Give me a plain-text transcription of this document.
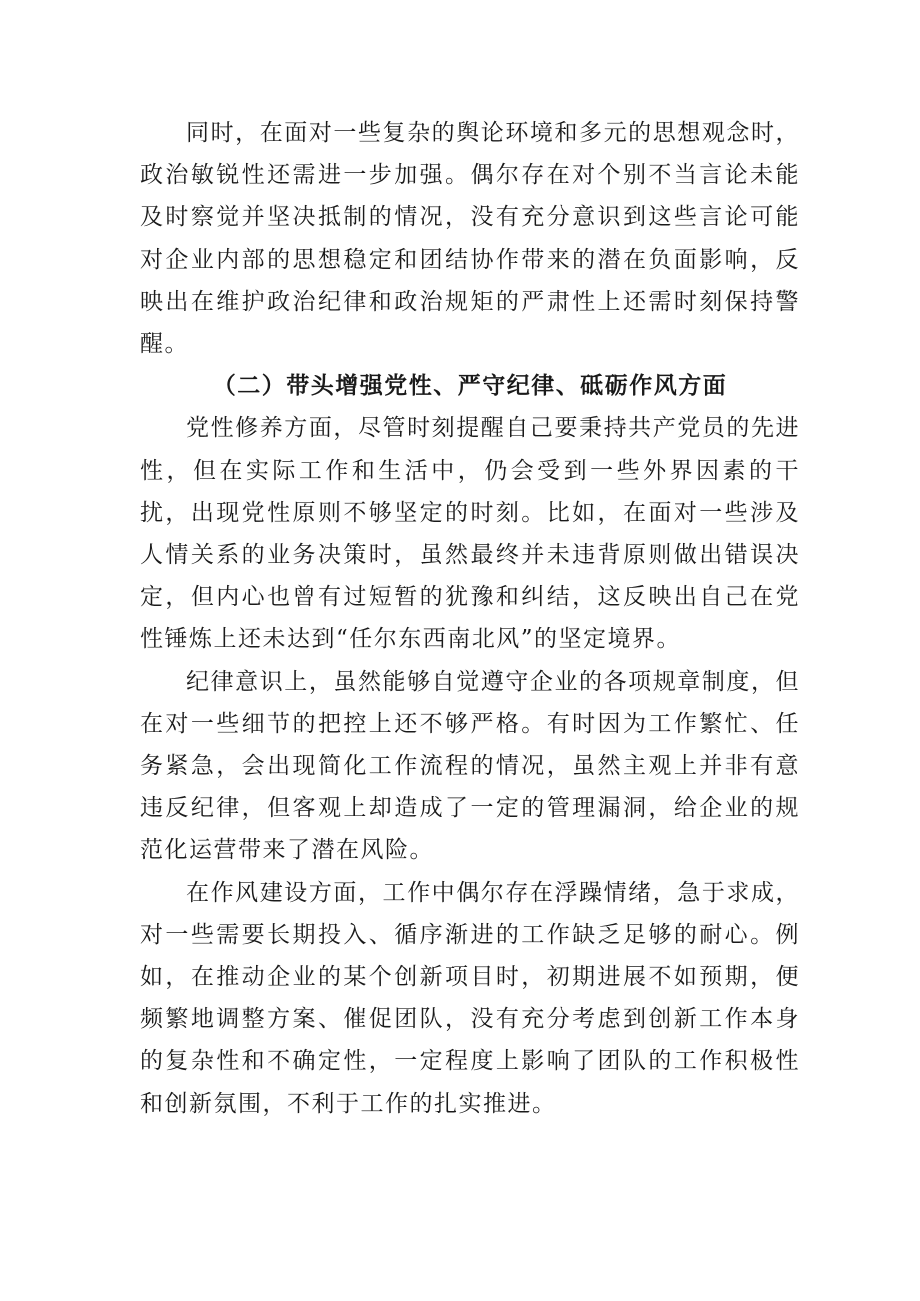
同时，在面对一些复杂的舆论环境和多元的思想观念时，政治敏锐性还需进一步加强。偶尔存在对个别不当言论未能及时察觉并坚决抵制的情况，没有充分意识到这些言论可能对企业内部的思想稳定和团结协作带来的潜在负面影响，反映出在维护政治纪律和政治规矩的严肃性上还需时刻保持警醒。

（二）带头增强党性、严守纪律、砥砺作风方面

党性修养方面，尽管时刻提醒自己要秉持共产党员的先进性，但在实际工作和生活中，仍会受到一些外界因素的干扰，出现党性原则不够坚定的时刻。比如，在面对一些涉及人情关系的业务决策时，虽然最终并未违背原则做出错误决定，但内心也曾有过短暂的犹豫和纠结，这反映出自己在党性锤炼上还未达到“任尔东西南北风”的坚定境界。

纪律意识上，虽然能够自觉遵守企业的各项规章制度，但在对一些细节的把控上还不够严格。有时因为工作繁忙、任务紧急，会出现简化工作流程的情况，虽然主观上并非有意违反纪律，但客观上却造成了一定的管理漏洞，给企业的规范化运营带来了潜在风险。

在作风建设方面，工作中偶尔存在浮躁情绪，急于求成，对一些需要长期投入、循序渐进的工作缺乏足够的耐心。例如，在推动企业的某个创新项目时，初期进展不如预期，便频繁地调整方案、催促团队，没有充分考虑到创新工作本身的复杂性和不确定性，一定程度上影响了团队的工作积极性和创新氛围，不利于工作的扎实推进。
